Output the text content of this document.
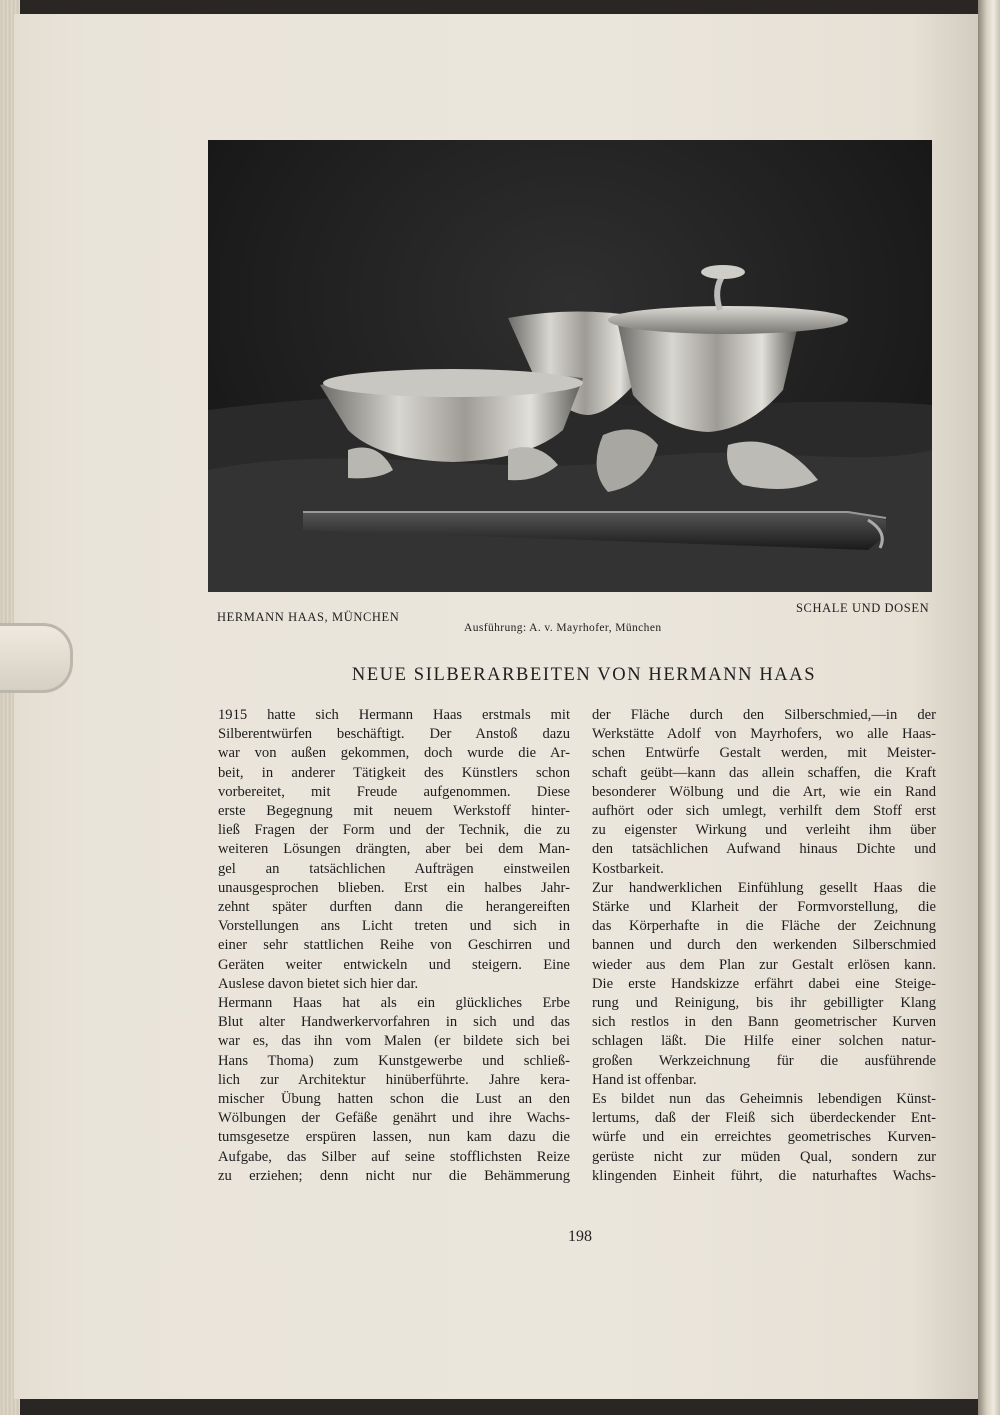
HERMANN HAAS, MÜNCHEN
Ausführung: A. v. Mayrhofer, München
SCHALE UND DOSEN
NEUE SILBERARBEITEN VON HERMANN HAAS
1915 hatte sich Hermann Haas erstmals mit
Silberentwürfen beschäftigt. Der Anstoß dazu
war von außen gekommen, doch wurde die Ar-
beit, in anderer Tätigkeit des Künstlers schon
vorbereitet, mit Freude aufgenommen. Diese
erste Begegnung mit neuem Werkstoff hinter-
ließ Fragen der Form und der Technik, die zu
weiteren Lösungen drängten, aber bei dem Man-
gel an tatsächlichen Aufträgen einstweilen
unausgesprochen blieben. Erst ein halbes Jahr-
zehnt später durften dann die herangereiften
Vorstellungen ans Licht treten und sich in
einer sehr stattlichen Reihe von Geschirren und
Geräten weiter entwickeln und steigern. Eine
Auslese davon bietet sich hier dar.
Hermann Haas hat als ein glückliches Erbe
Blut alter Handwerkervorfahren in sich und das
war es, das ihn vom Malen (er bildete sich bei
Hans Thoma) zum Kunstgewerbe und schließ-
lich zur Architektur hinüberführte. Jahre kera-
mischer Übung hatten schon die Lust an den
Wölbungen der Gefäße genährt und ihre Wachs-
tumsgesetze erspüren lassen, nun kam dazu die
Aufgabe, das Silber auf seine stofflichsten Reize
zu erziehen; denn nicht nur die Behämmerung
der Fläche durch den Silberschmied,—in der
Werkstätte Adolf von Mayrhofers, wo alle Haas-
schen Entwürfe Gestalt werden, mit Meister-
schaft geübt—kann das allein schaffen, die Kraft
besonderer Wölbung und die Art, wie ein Rand
aufhört oder sich umlegt, verhilft dem Stoff erst
zu eigenster Wirkung und verleiht ihm über
den tatsächlichen Aufwand hinaus Dichte und
Kostbarkeit.
Zur handwerklichen Einfühlung gesellt Haas die
Stärke und Klarheit der Formvorstellung, die
das Körperhafte in die Fläche der Zeichnung
bannen und durch den werkenden Silberschmied
wieder aus dem Plan zur Gestalt erlösen kann.
Die erste Handskizze erfährt dabei eine Steige-
rung und Reinigung, bis ihr gebilligter Klang
sich restlos in den Bann geometrischer Kurven
schlagen läßt. Die Hilfe einer solchen natur-
großen Werkzeichnung für die ausführende
Hand ist offenbar.
Es bildet nun das Geheimnis lebendigen Künst-
lertums, daß der Fleiß sich überdeckender Ent-
würfe und ein erreichtes geometrisches Kurven-
gerüste nicht zur müden Qual, sondern zur
klingenden Einheit führt, die naturhaftes Wachs-
198
